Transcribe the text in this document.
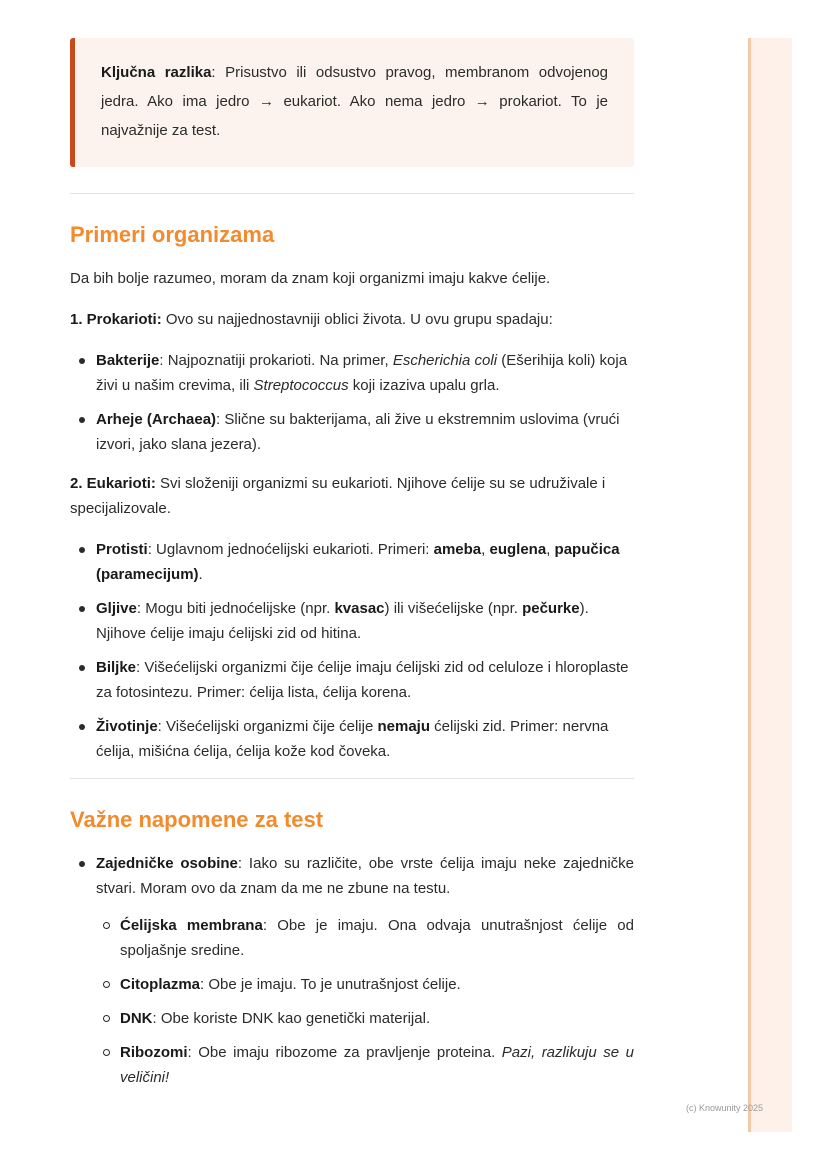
Ključna razlika: Prisustvo ili odsustvo pravog, membranom odvojenog jedra. Ako ima jedro → eukariot. Ako nema jedro → prokariot. To je najvažnije za test.

Primeri organizama

Da bih bolje razumeo, moram da znam koji organizmi imaju kakve ćelije.

1. Prokarioti: Ovo su najjednostavniji oblici života. U ovu grupu spadaju:

Bakterije: Najpoznatiji prokarioti. Na primer, Escherichia coli (Ešerihija koli) koja živi u našim crevima, ili Streptococcus koji izaziva upalu grla.
Arheje (Archaea): Slične su bakterijama, ali žive u ekstremnim uslovima (vrući izvori, jako slana jezera).

2. Eukarioti: Svi složeniji organizmi su eukarioti. Njihove ćelije su se udruživale i specijalizovale.

Protisti: Uglavnom jednoćelijski eukarioti. Primeri: ameba, euglena, papučica (paramecijum).
Gljive: Mogu biti jednoćelijske (npr. kvasac) ili višećelijske (npr. pečurke). Njihove ćelije imaju ćelijski zid od hitina.
Biljke: Višećelijski organizmi čije ćelije imaju ćelijski zid od celuloze i hloroplaste za fotosintezu. Primer: ćelija lista, ćelija korena.
Životinje: Višećelijski organizmi čije ćelije nemaju ćelijski zid. Primer: nervna ćelija, mišićna ćelija, ćelija kože kod čoveka.
Važne napomene za test
Zajedničke osobine: Iako su različite, obe vrste ćelija imaju neke zajedničke stvari. Moram ovo da znam da me ne zbune na testu.
Ćelijska membrana: Obe je imaju. Ona odvaja unutrašnjost ćelije od spoljašnje sredine.
Citoplazma: Obe je imaju. To je unutrašnjost ćelije.
DNK: Obe koriste DNK kao genetički materijal.
Ribozomi: Obe imaju ribozome za pravljenje proteina. Pazi, razlikuju se u veličini!
(c) Knowunity 2025
